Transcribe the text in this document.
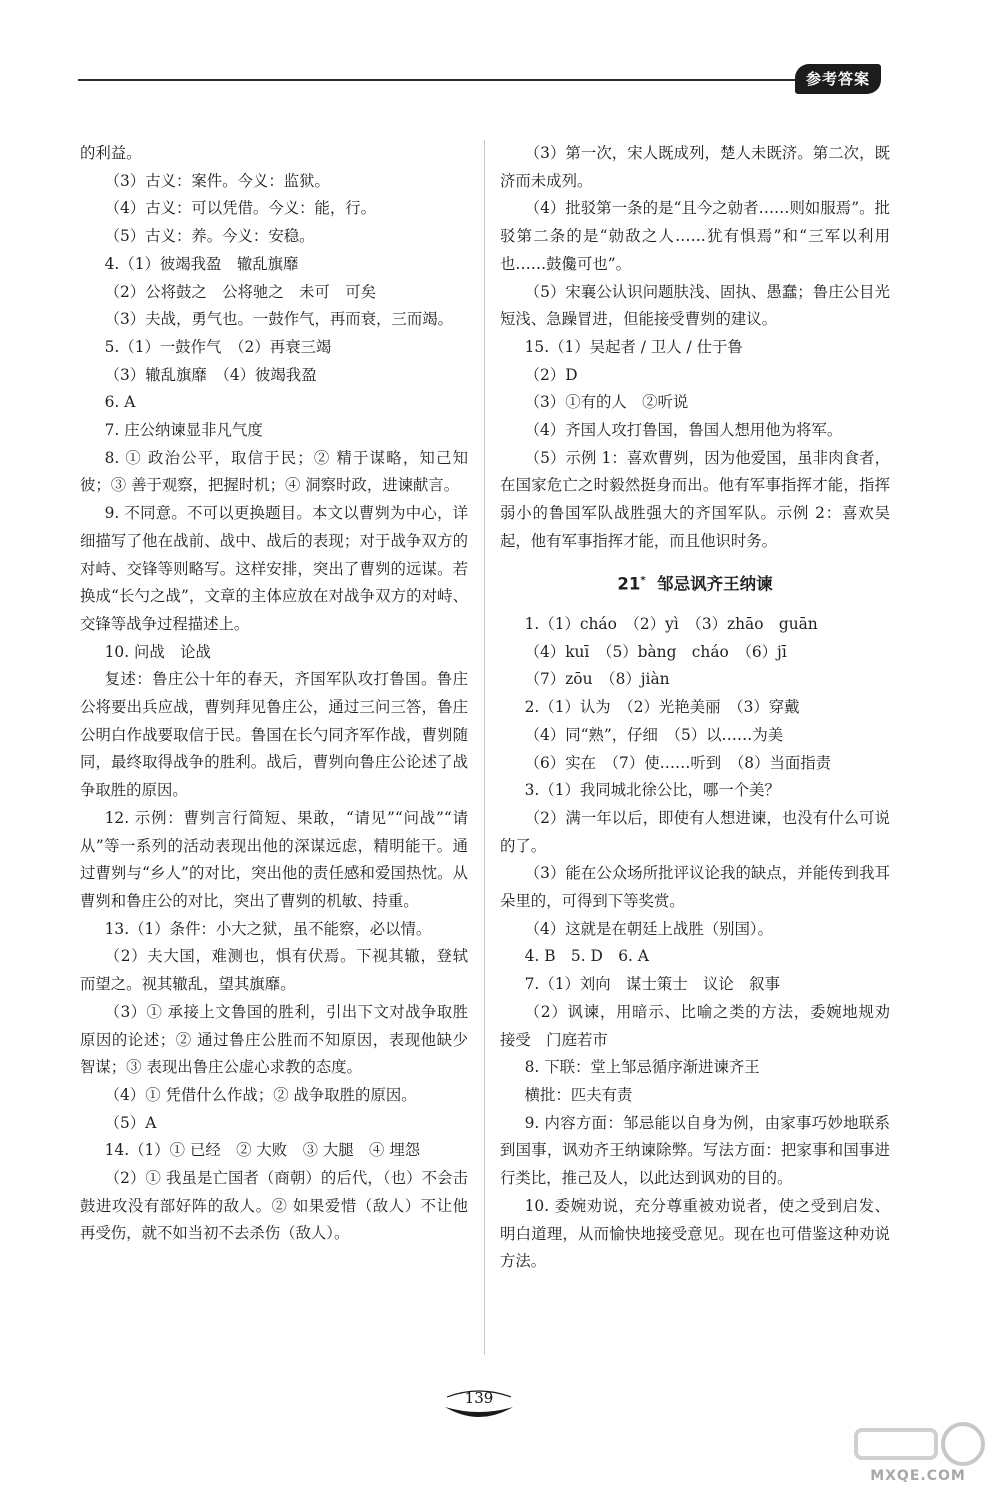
参考答案

的利益。

（3）古义：案件。今义：监狱。

（4）古义：可以凭借。今义：能，行。

（5）古义：养。今义：安稳。

4.（1）彼竭我盈　辙乱旗靡

（2）公将鼓之　公将驰之　未可　可矣

（3）夫战，勇气也。一鼓作气，再而衰，三而竭。

5.（1）一鼓作气　（2）再衰三竭

（3）辙乱旗靡　（4）彼竭我盈

6. A

7. 庄公纳谏显非凡气度

8. ① 政治公平，取信于民；② 精于谋略，知己知彼；③ 善于观察，把握时机；④ 洞察时政，进谏献言。

9. 不同意。不可以更换题目。本文以曹刿为中心，详细描写了他在战前、战中、战后的表现；对于战争双方的对峙、交锋等则略写。这样安排，突出了曹刿的远谋。若换成“长勺之战”，文章的主体应放在对战争双方的对峙、交锋等战争过程描述上。

10. 问战　论战

复述：鲁庄公十年的春天，齐国军队攻打鲁国。鲁庄公将要出兵应战，曹刿拜见鲁庄公，通过三问三答，鲁庄公明白作战要取信于民。鲁国在长勺同齐军作战，曹刿随同，最终取得战争的胜利。战后，曹刿向鲁庄公论述了战争取胜的原因。

12. 示例：曹刿言行简短、果敢，“请见”“问战”“请从”等一系列的活动表现出他的深谋远虑，精明能干。通过曹刿与“乡人”的对比，突出他的责任感和爱国热忱。从曹刿和鲁庄公的对比，突出了曹刿的机敏、持重。

13.（1）条件：小大之狱，虽不能察，必以情。

（2）夫大国，难测也，惧有伏焉。下视其辙，登轼而望之。视其辙乱，望其旗靡。

（3）① 承接上文鲁国的胜利，引出下文对战争取胜原因的论述；② 通过鲁庄公胜而不知原因，表现他缺少智谋；③ 表现出鲁庄公虚心求教的态度。

（4）① 凭借什么作战；② 战争取胜的原因。

（5）A

14.（1）① 已经　② 大败　③ 大腿　④ 埋怨

（2）① 我虽是亡国者（商朝）的后代，（也）不会击鼓进攻没有部好阵的敌人。② 如果爱惜（敌人）不让他再受伤，就不如当初不去杀伤（敌人）。

（3）第一次，宋人既成列，楚人未既济。第二次，既济而未成列。

（4）批驳第一条的是“且今之勍者……则如服焉”。批驳第二条的是“勍敌之人……犹有惧焉”和“三军以利用也……鼓儳可也”。

（5）宋襄公认识问题肤浅、固执、愚蠢；鲁庄公目光短浅、急躁冒进，但能接受曹刿的建议。

15.（1）吴起者 / 卫人 / 仕于鲁

（2）D

（3）①有的人　②听说

（4）齐国人攻打鲁国，鲁国人想用他为将军。

（5）示例 1：喜欢曹刿，因为他爱国，虽非肉食者，在国家危亡之时毅然挺身而出。他有军事指挥才能，指挥弱小的鲁国军队战胜强大的齐国军队。示例 2：喜欢吴起，他有军事指挥才能，而且他识时务。

21* 邹忌讽齐王纳谏

1.（1）cháo　（2）yì　（3）zhāo　guān

（4）kuī　（5）bàng　cháo　（6）jī

（7）zōu　（8）jiàn

2.（1）认为　（2）光艳美丽　（3）穿戴

（4）同“熟”，仔细　（5）以……为美

（6）实在　（7）使……听到　（8）当面指责

3.（1）我同城北徐公比，哪一个美？

（2）满一年以后，即使有人想进谏，也没有什么可说的了。

（3）能在公众场所批评议论我的缺点，并能传到我耳朵里的，可得到下等奖赏。

（4）这就是在朝廷上战胜（别国）。

4. B　5. D　6. A

7.（1）刘向　谋士策士　议论　叙事

（2）讽谏，用暗示、比喻之类的方法，委婉地规劝　接受　门庭若市

8. 下联：堂上邹忌循序渐进谏齐王

横批：匹夫有责

9. 内容方面：邹忌能以自身为例，由家事巧妙地联系到国事，讽劝齐王纳谏除弊。写法方面：把家事和国事进行类比，推己及人，以此达到讽劝的目的。

10. 委婉劝说，充分尊重被劝说者，使之受到启发、明白道理，从而愉快地接受意见。现在也可借鉴这种劝说方法。

139
MXQE.COM
